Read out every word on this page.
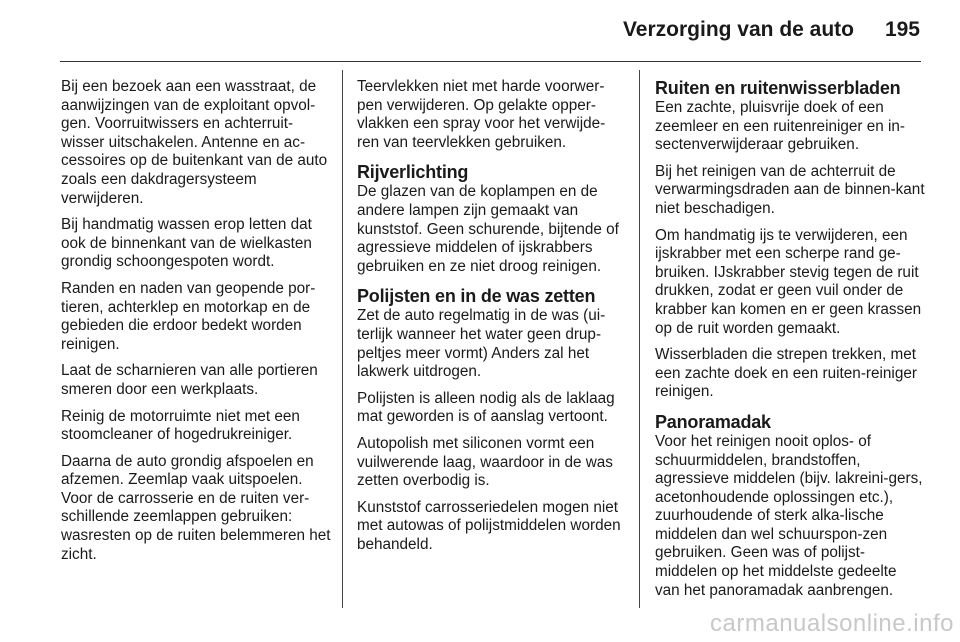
Verzorging van de auto 195

Bij een bezoek aan een wasstraat, de aanwijzingen van de exploitant opvol-gen. Voorruitwissers en achterruit-wisser uitschakelen. Antenne en ac-cessoires op de buitenkant van de auto zoals een dakdragersysteem verwijderen.

Bij handmatig wassen erop letten dat ook de binnenkant van de wielkasten grondig schoongespoten wordt.

Randen en naden van geopende por-tieren, achterklep en motorkap en de gebieden die erdoor bedekt worden reinigen.

Laat de scharnieren van alle portieren smeren door een werkplaats.

Reinig de motorruimte niet met een stoomcleaner of hogedrukreiniger.

Daarna de auto grondig afspoelen en afzemen. Zeemlap vaak uitspoelen. Voor de carrosserie en de ruiten ver-schillende zeemlappen gebruiken: wasresten op de ruiten belemmeren het zicht.

Teervlekken niet met harde voorwer-pen verwijderen. Op gelakte opper-vlakken een spray voor het verwijde-ren van teervlekken gebruiken.

Rijverlichting

De glazen van de koplampen en de andere lampen zijn gemaakt van kunststof. Geen schurende, bijtende of agressieve middelen of ijskrabbers gebruiken en ze niet droog reinigen.

Polijsten en in de was zetten

Zet de auto regelmatig in de was (ui-terlijk wanneer het water geen drup-peltjes meer vormt) Anders zal het lakwerk uitdrogen.

Polijsten is alleen nodig als de laklaag mat geworden is of aanslag vertoont.

Autopolish met siliconen vormt een vuilwerende laag, waardoor in de was zetten overbodig is.

Kunststof carrosseriedelen mogen niet met autowas of polijstmiddelen worden behandeld.

Ruiten en ruitenwisserbladen

Een zachte, pluisvrije doek of een zeemleer en een ruitenreiniger en in-sectenverwijderaar gebruiken.

Bij het reinigen van de achterruit de verwarmingsdraden aan de binnen-kant niet beschadigen.

Om handmatig ijs te verwijderen, een ijskrabber met een scherpe rand ge-bruiken. IJskrabber stevig tegen de ruit drukken, zodat er geen vuil onder de krabber kan komen en er geen krassen op de ruit worden gemaakt.

Wisserbladen die strepen trekken, met een zachte doek en een ruiten-reiniger reinigen.

Panoramadak

Voor het reinigen nooit oplos- of schuurmiddelen, brandstoffen, agressieve middelen (bijv. lakreini-gers, acetonhoudende oplossingen etc.), zuurhoudende of sterk alka-lische middelen dan wel schuurspon-zen gebruiken. Geen was of polijst-middelen op het middelste gedeelte van het panoramadak aanbrengen.

carmanualsonline.info
